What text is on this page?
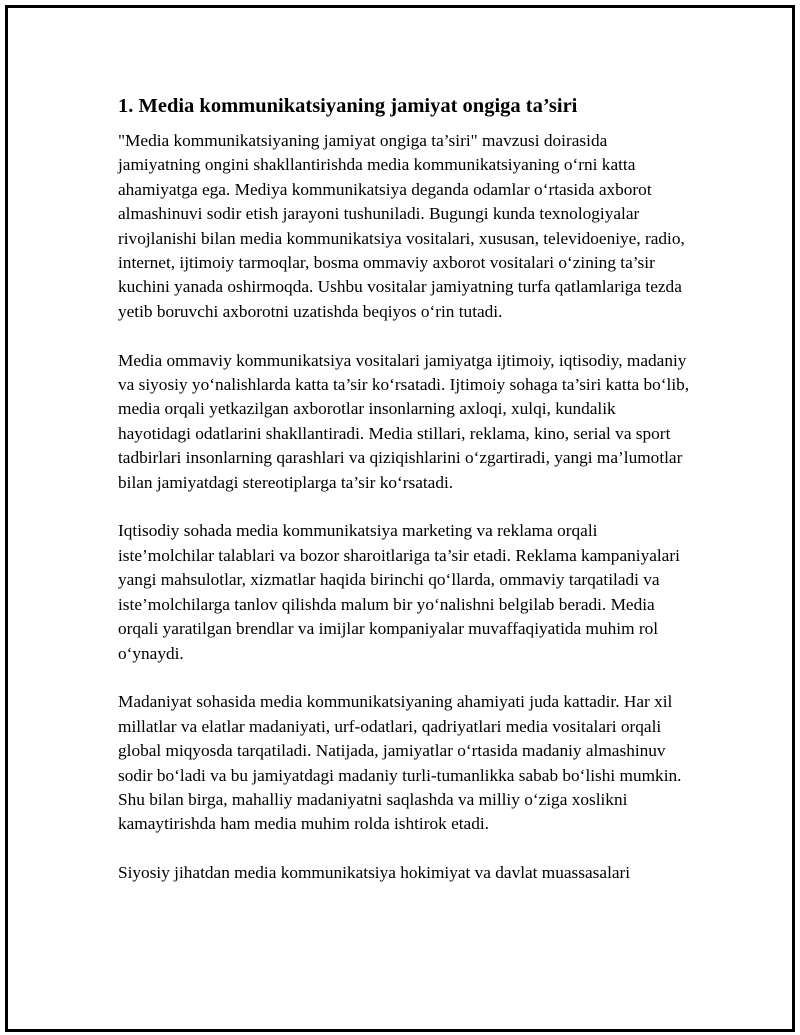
1. Media kommunikatsiyaning jamiyat ongiga ta’siri

"Media kommunikatsiyaning jamiyat ongiga ta’siri" mavzusi doirasida jamiyatning ongini shakllantirishda media kommunikatsiyaning o‘rni katta ahamiyatga ega. Mediya kommunikatsiya deganda odamlar o‘rtasida axborot almashinuvi sodir etish jarayoni tushuniladi. Bugungi kunda texnologiyalar rivojlanishi bilan media kommunikatsiya vositalari, xususan, televidoeniye, radio, internet, ijtimoiy tarmoqlar, bosma ommaviy axborot vositalari o‘zining ta’sir kuchini yanada oshirmoqda. Ushbu vositalar jamiyatning turfa qatlamlariga tezda yetib boruvchi axborotni uzatishda beqiyos o‘rin tutadi.

Media ommaviy kommunikatsiya vositalari jamiyatga ijtimoiy, iqtisodiy, madaniy va siyosiy yo‘nalishlarda katta ta’sir ko‘rsatadi. Ijtimoiy sohaga ta’siri katta bo‘lib, media orqali yetkazilgan axborotlar insonlarning axloqi, xulqi, kundalik hayotidagi odatlarini shakllantiradi. Media stillari, reklama, kino, serial va sport tadbirlari insonlarning qarashlari va qiziqishlarini o‘zgartiradi, yangi ma’lumotlar bilan jamiyatdagi stereotiplarga ta’sir ko‘rsatadi.

Iqtisodiy sohada media kommunikatsiya marketing va reklama orqali iste’molchilar talablari va bozor sharoitlariga ta’sir etadi. Reklama kampaniyalari yangi mahsulotlar, xizmatlar haqida birinchi qo‘llarda, ommaviy tarqatiladi va iste’molchilarga tanlov qilishda malum bir yo‘nalishni belgilab beradi. Media orqali yaratilgan brendlar va imijlar kompaniyalar muvaffaqiyatida muhim rol o‘ynaydi.

Madaniyat sohasida media kommunikatsiyaning ahamiyati juda kattadir. Har xil millatlar va elatlar madaniyati, urf-odatlari, qadriyatlari media vositalari orqali global miqyosda tarqatiladi. Natijada, jamiyatlar o‘rtasida madaniy almashinuv sodir bo‘ladi va bu jamiyatdagi madaniy turli-tumanlikka sabab bo‘lishi mumkin. Shu bilan birga, mahalliy madaniyatni saqlashda va milliy o‘ziga xoslikni kamaytirishda ham media muhim rolda ishtirok etadi.

Siyosiy jihatdan media kommunikatsiya hokimiyat va davlat muassasalari
